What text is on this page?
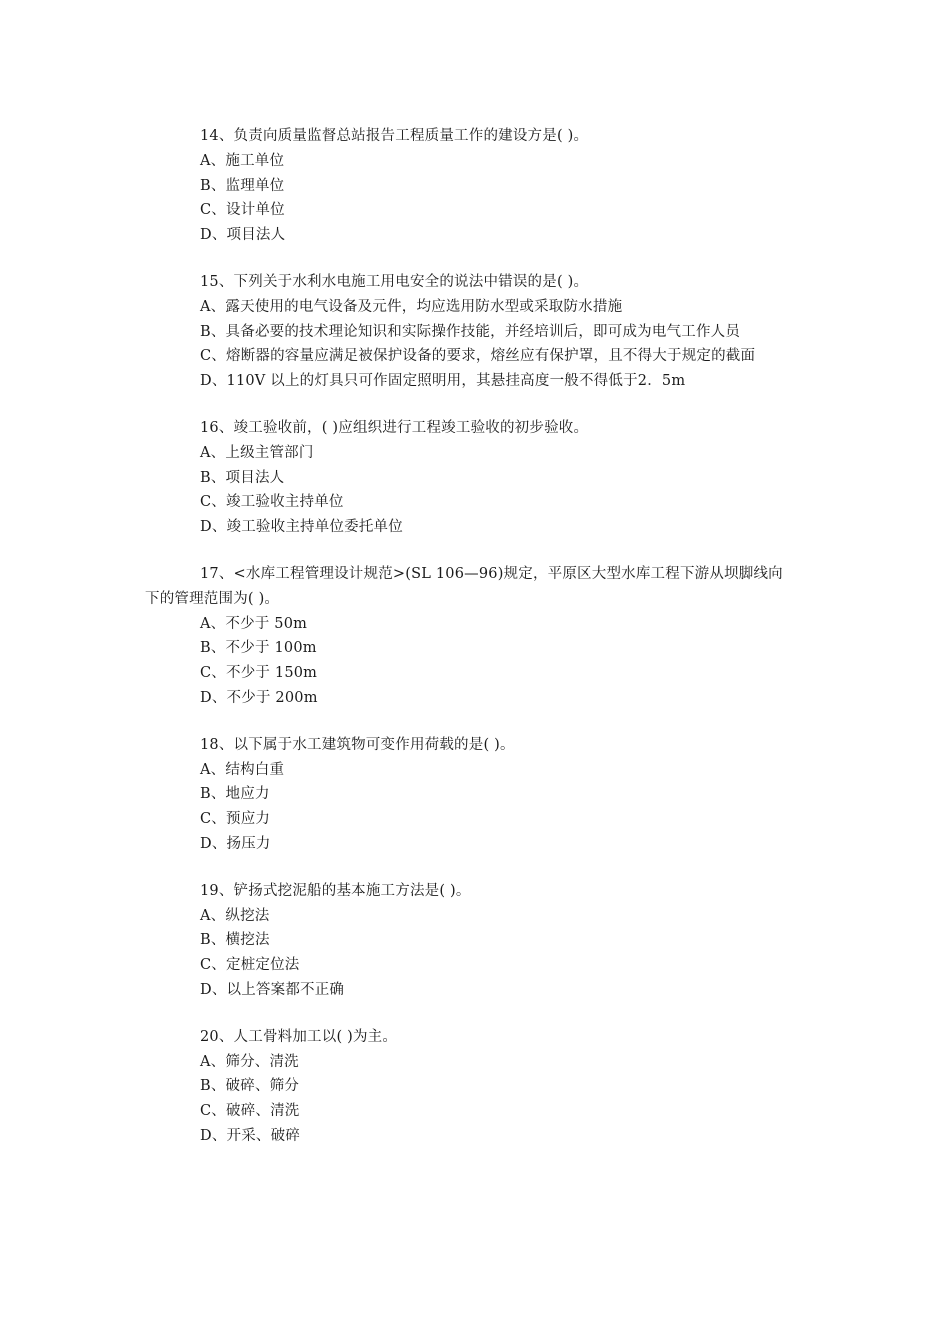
14、负责向质量监督总站报告工程质量工作的建设方是( )。
A、施工单位
B、监理单位
C、设计单位
D、项目法人
15、下列关于水利水电施工用电安全的说法中错误的是( )。
A、露天使用的电气设备及元件，均应选用防水型或采取防水措施
B、具备必要的技术理论知识和实际操作技能，并经培训后，即可成为电气工作人员
C、熔断器的容量应满足被保护设备的要求，熔丝应有保护罩，且不得大于规定的截面
D、110V 以上的灯具只可作固定照明用，其悬挂高度一般不得低于2．5m
16、竣工验收前，( )应组织进行工程竣工验收的初步验收。
A、上级主管部门
B、项目法人
C、竣工验收主持单位
D、竣工验收主持单位委托单位
17、<水库工程管理设计规范>(SL 106—96)规定，平原区大型水库工程下游从坝脚线向
下的管理范围为( )。
A、不少于 50m
B、不少于 100m
C、不少于 150m
D、不少于 200m
18、以下属于水工建筑物可变作用荷载的是( )。
A、结构白重
B、地应力
C、预应力
D、扬压力
19、铲扬式挖泥船的基本施工方法是( )。
A、纵挖法
B、横挖法
C、定桩定位法
D、以上答案都不正确
20、人工骨料加工以( )为主。
A、筛分、清洗
B、破碎、筛分
C、破碎、清洗
D、开采、破碎
